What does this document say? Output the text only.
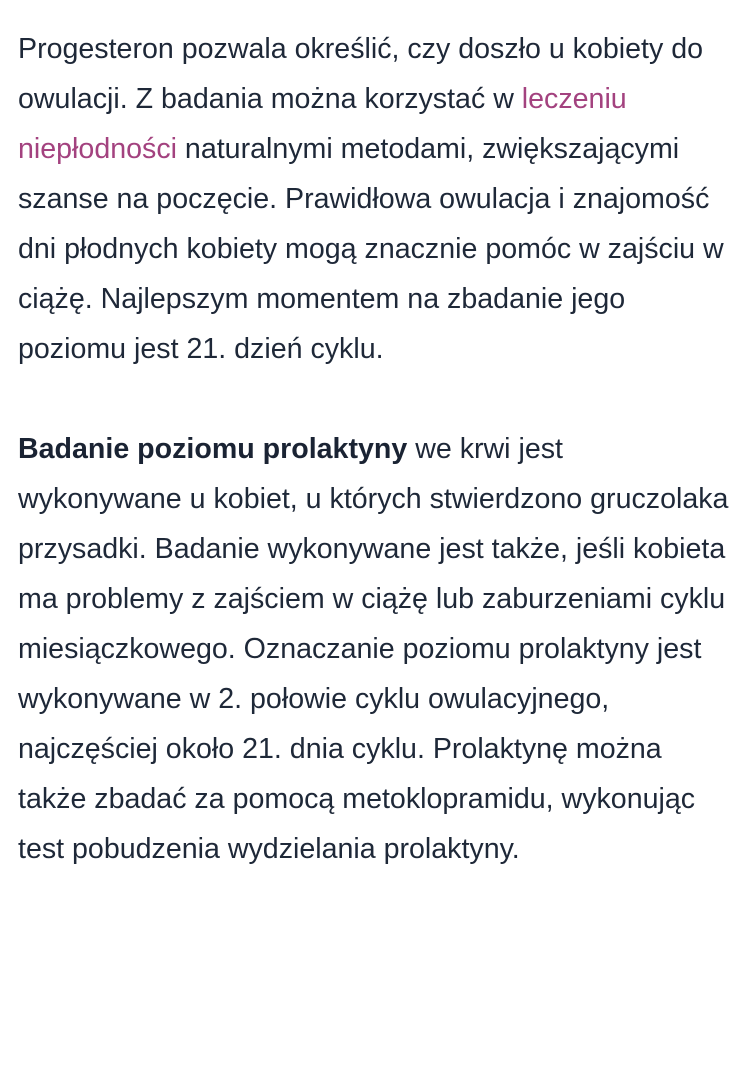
Progesteron pozwala określić, czy doszło u kobiety do owulacji. Z badania można korzystać w leczeniu niepłodności naturalnymi metodami, zwiększającymi szanse na poczęcie. Prawidłowa owulacja i znajomość dni płodnych kobiety mogą znacznie pomóc w zajściu w ciążę. Najlepszym momentem na zbadanie jego poziomu jest 21. dzień cyklu.

Badanie poziomu prolaktyny we krwi jest wykonywane u kobiet, u których stwierdzono gruczolaka przysadki. Badanie wykonywane jest także, jeśli kobieta ma problemy z zajściem w ciążę lub zaburzeniami cyklu miesiączkowego. Oznaczanie poziomu prolaktyny jest wykonywane w 2. połowie cyklu owulacyjnego, najczęściej około 21. dnia cyklu. Prolaktynę można także zbadać za pomocą metoklopramidu, wykonując test pobudzenia wydzielania prolaktyny.
